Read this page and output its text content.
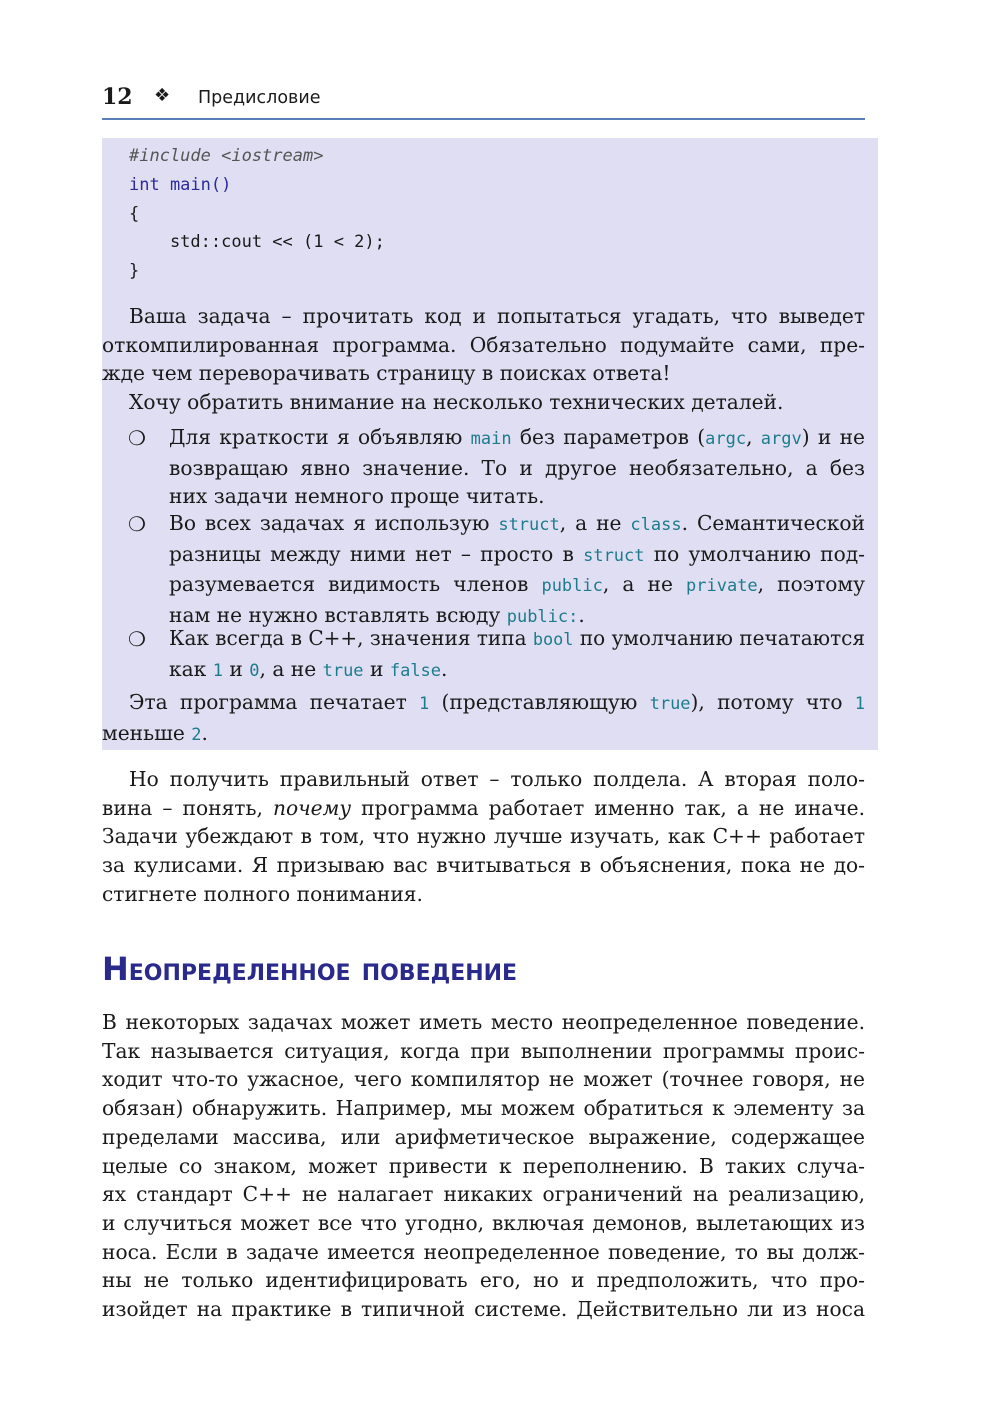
12 ❖ Предисловие
#include <iostream>
int main()
{
std::cout << (1 < 2);
}
Ваша задача – прочитать код и попытаться угадать, что выведет
откомпилированная программа. Обязательно подумайте сами, пре-
жде чем переворачивать страницу в поисках ответа!
Хочу обратить внимание на несколько технических деталей.
❍ Для краткости я объявляю main без параметров (argc, argv) и не
возвращаю явно значение. То и другое необязательно, а без
них задачи немного проще читать.
❍ Во всех задачах я использую struct, а не class. Семантической
разницы между ними нет – просто в struct по умолчанию под-
разумевается видимость членов public, а не private, поэтому
нам не нужно вставлять всюду public:.
❍ Как всегда в C++, значения типа bool по умолчанию печатаются
как 1 и 0, а не true и false.
Эта программа печатает 1 (представляющую true), потому что 1
меньше 2.
Но получить правильный ответ – только полдела. А вторая поло-
вина – понять, почему программа работает именно так, а не иначе.
Задачи убеждают в том, что нужно лучше изучать, как C++ работает
за кулисами. Я призываю вас вчитываться в объяснения, пока не до-
стигнете полного понимания.
Неопределенное поведение
В некоторых задачах может иметь место неопределенное поведение.
Так называется ситуация, когда при выполнении программы проис-
ходит что-то ужасное, чего компилятор не может (точнее говоря, не
обязан) обнаружить. Например, мы можем обратиться к элементу за
пределами массива, или арифметическое выражение, содержащее
целые со знаком, может привести к переполнению. В таких случа-
ях стандарт C++ не налагает никаких ограничений на реализацию,
и случиться может все что угодно, включая демонов, вылетающих из
носа. Если в задаче имеется неопределенное поведение, то вы долж-
ны не только идентифицировать его, но и предположить, что про-
изойдет на практике в типичной системе. Действительно ли из носа
